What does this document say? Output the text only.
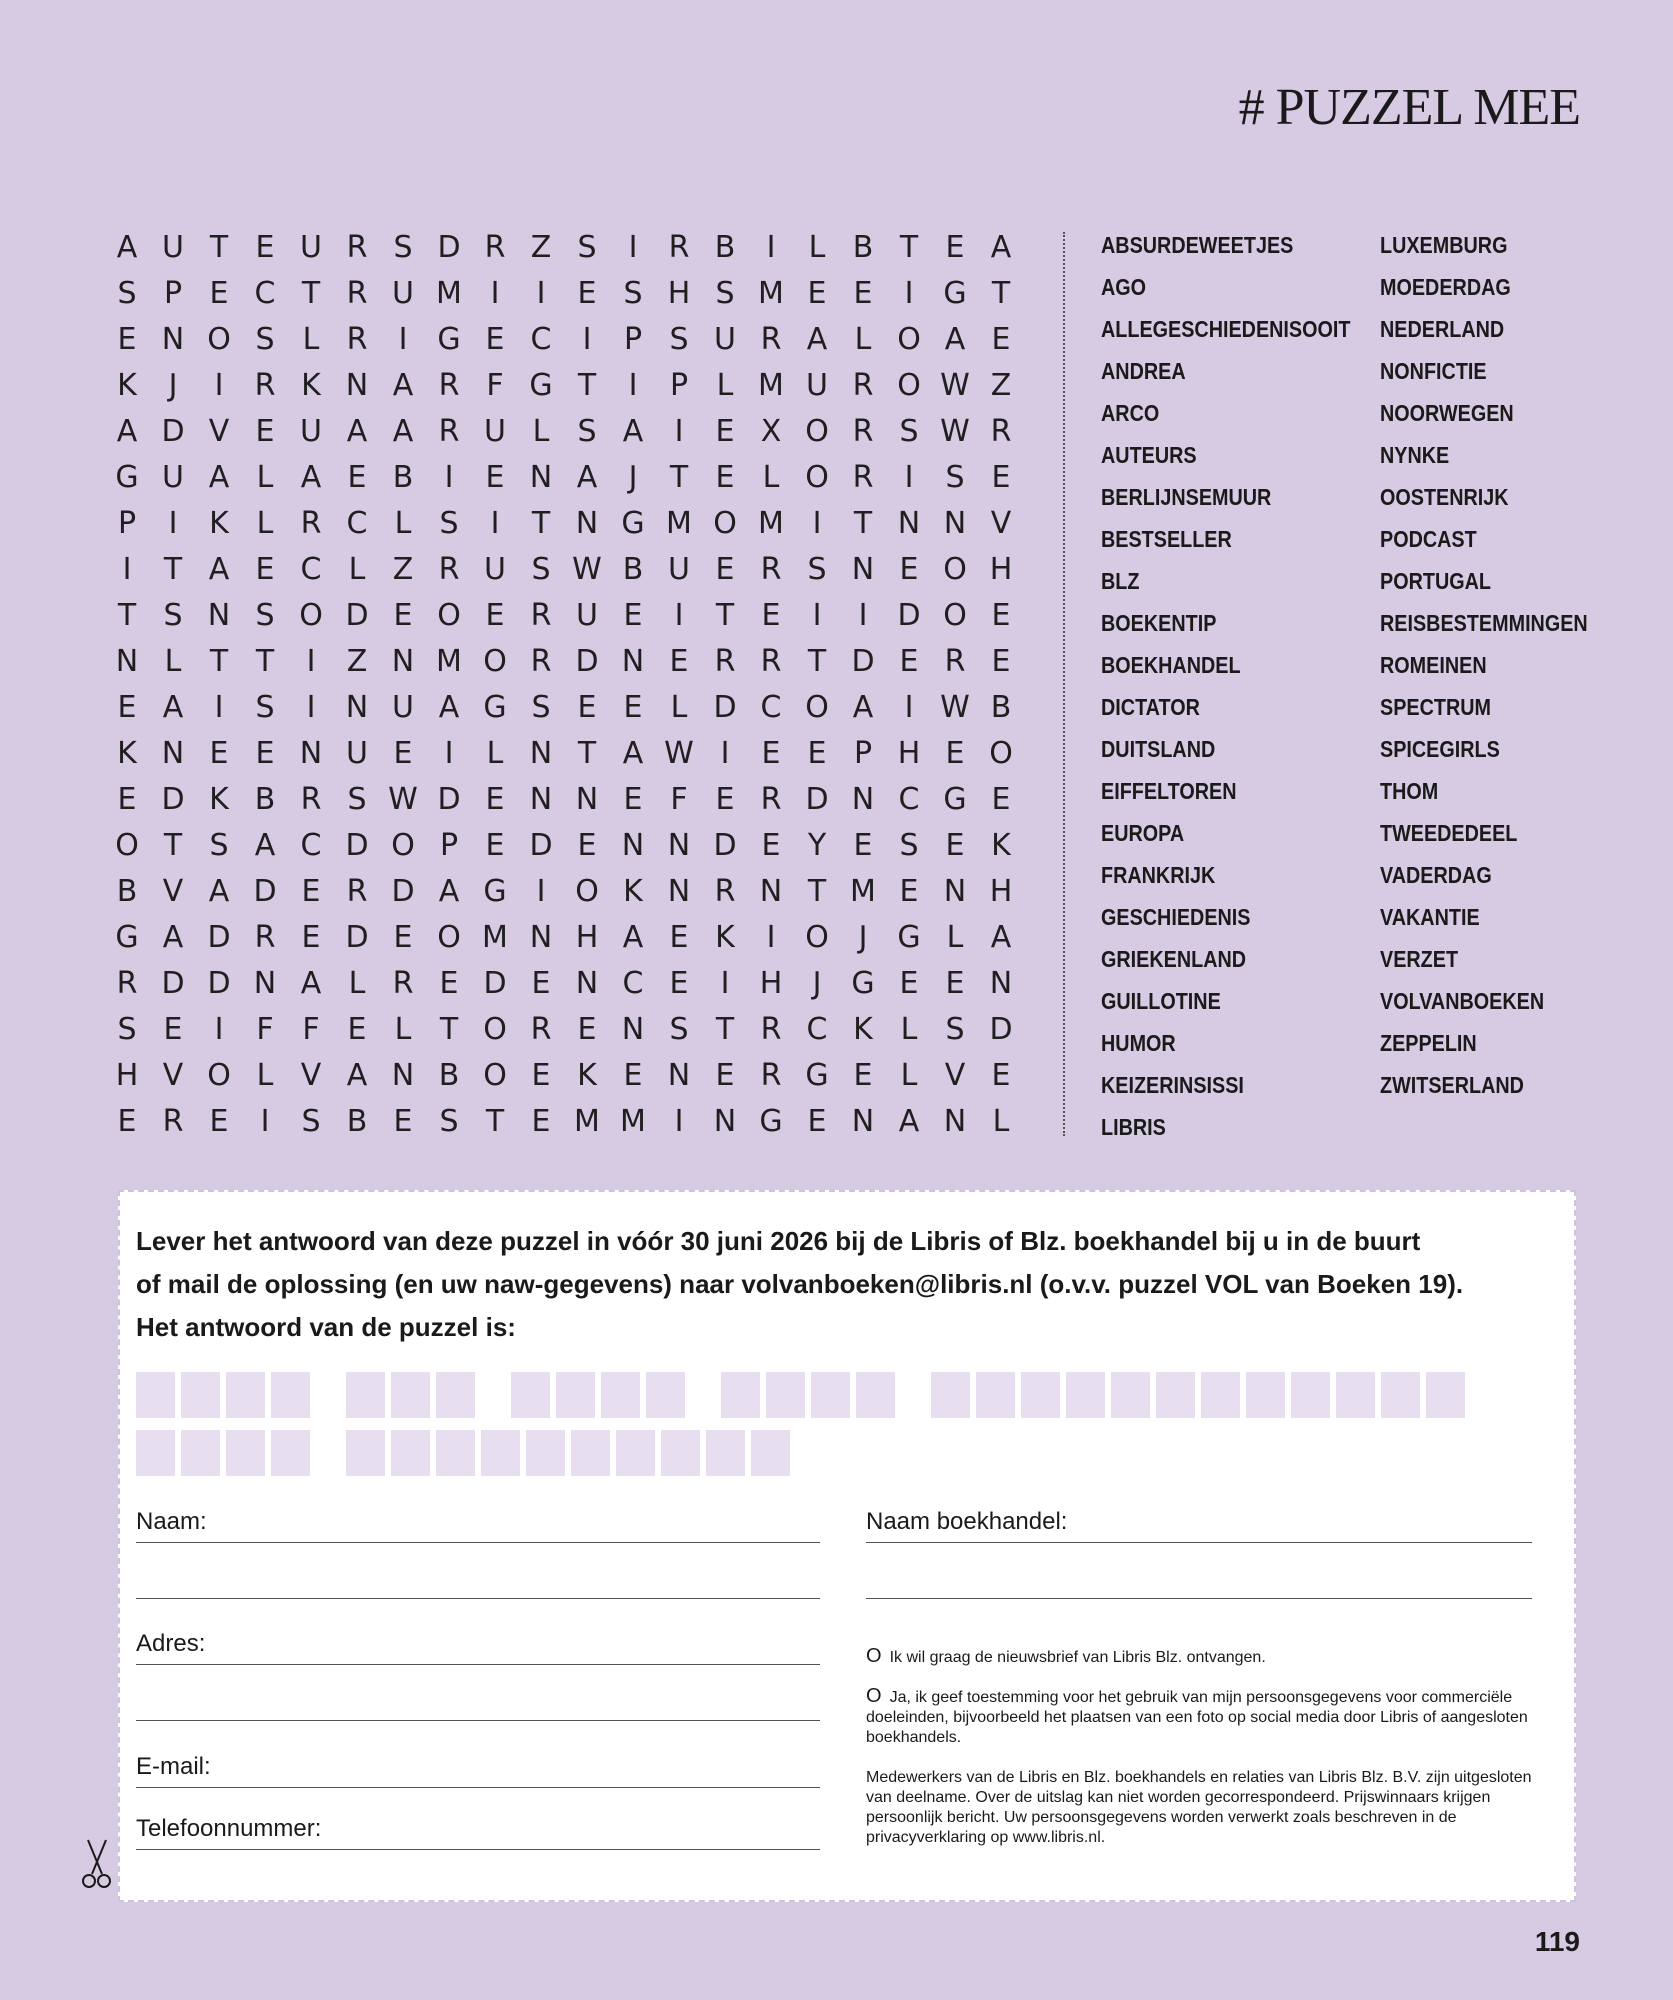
# PUZZEL MEE
A U T E U R S D R Z S	I	R B	I	L B T E A
S P E C T R U M I	I	E S H S M E E	I G T
E N O S L R	I G E C	I	P S U R A L O A E
K	J	I	R K N A R F G T	I	P L M U R O W Z
A D V E U A A R U L S A	I	E X O R S W R
G U A L A E B	I	E N A	J	T E L O R	I	S E
P	I	K L R C L S	I	T N G M O M I	T N N V
I	T A E C L Z R U S W B U E R S N E O H
T S N S O D E O E R U E	I	T E	I	I	D O E
N L T T	I	Z N M O R D N E R R T D E R E
E A	I	S	I	N U A G S E E L D C O A	I W B
K N E E N U E	I	L N T A W I	E E P H E O
E D K B R S W D E N N E F E R D N C G E
O T S A C D O P E D E N N D E Y E S E K
B V A D E R D A G I O K N R N T M E N H
G A D R E D E O M N H A E K	I O J G L A
R D D N A L R E D E N C E	I	H	J G E E N
S E	I	F F E L T O R E N S T R C K L S D
H V O L V A N B O E K E N E R G E L V E
E R E	I	S B E S T E M M I	N G E N A N L
ABSURDEWEETJES
AGO
ALLEGESCHIEDENISOOIT
ANDREA
ARCO
AUTEURS
BERLIJNSEMUUR
BESTSELLER
BLZ
BOEKENTIP
BOEKHANDEL
DICTATOR
DUITSLAND
EIFFELTOREN
EUROPA
FRANKRIJK
GESCHIEDENIS
GRIEKENLAND
GUILLOTINE
HUMOR
KEIZERINSISSI
LIBRIS
LUXEMBURG
MOEDERDAG
NEDERLAND
NONFICTIE
NOORWEGEN
NYNKE
OOSTENRIJK
PODCAST
PORTUGAL
REISBESTEMMINGEN
ROMEINEN
SPECTRUM
SPICEGIRLS
THOM
TWEEDEDEEL
VADERDAG
VAKANTIE
VERZET
VOLVANBOEKEN
ZEPPELIN
ZWITSERLAND

Lever het antwoord van deze puzzel in vóór 30 juni 2026 bij de Libris of Blz. boekhandel bij u in de buurt

of mail de oplossing (en uw naw-gegevens) naar volvanboeken@libris.nl (o.v.v. puzzel VOL van Boeken 19).

Het antwoord van de puzzel is:

Naam:
Adres:
E-mail:
Telefoonnummer:
Naam boekhandel:
O Ik wil graag de nieuwsbrief van Libris Blz. ontvangen.
O Ja, ik geef toestemming voor het gebruik van mijn persoonsgegevens voor commerciële doeleinden, bijvoorbeeld het plaatsen van een foto op social media door Libris of aangesloten boekhandels.
Medewerkers van de Libris en Blz. boekhandels en relaties van Libris Blz. B.V. zijn uitgesloten van deelname. Over de uitslag kan niet worden gecorrespondeerd. Prijswinnaars krijgen persoonlijk bericht. Uw persoonsgegevens worden verwerkt zoals beschreven in de privacyverklaring op www.libris.nl.
119
